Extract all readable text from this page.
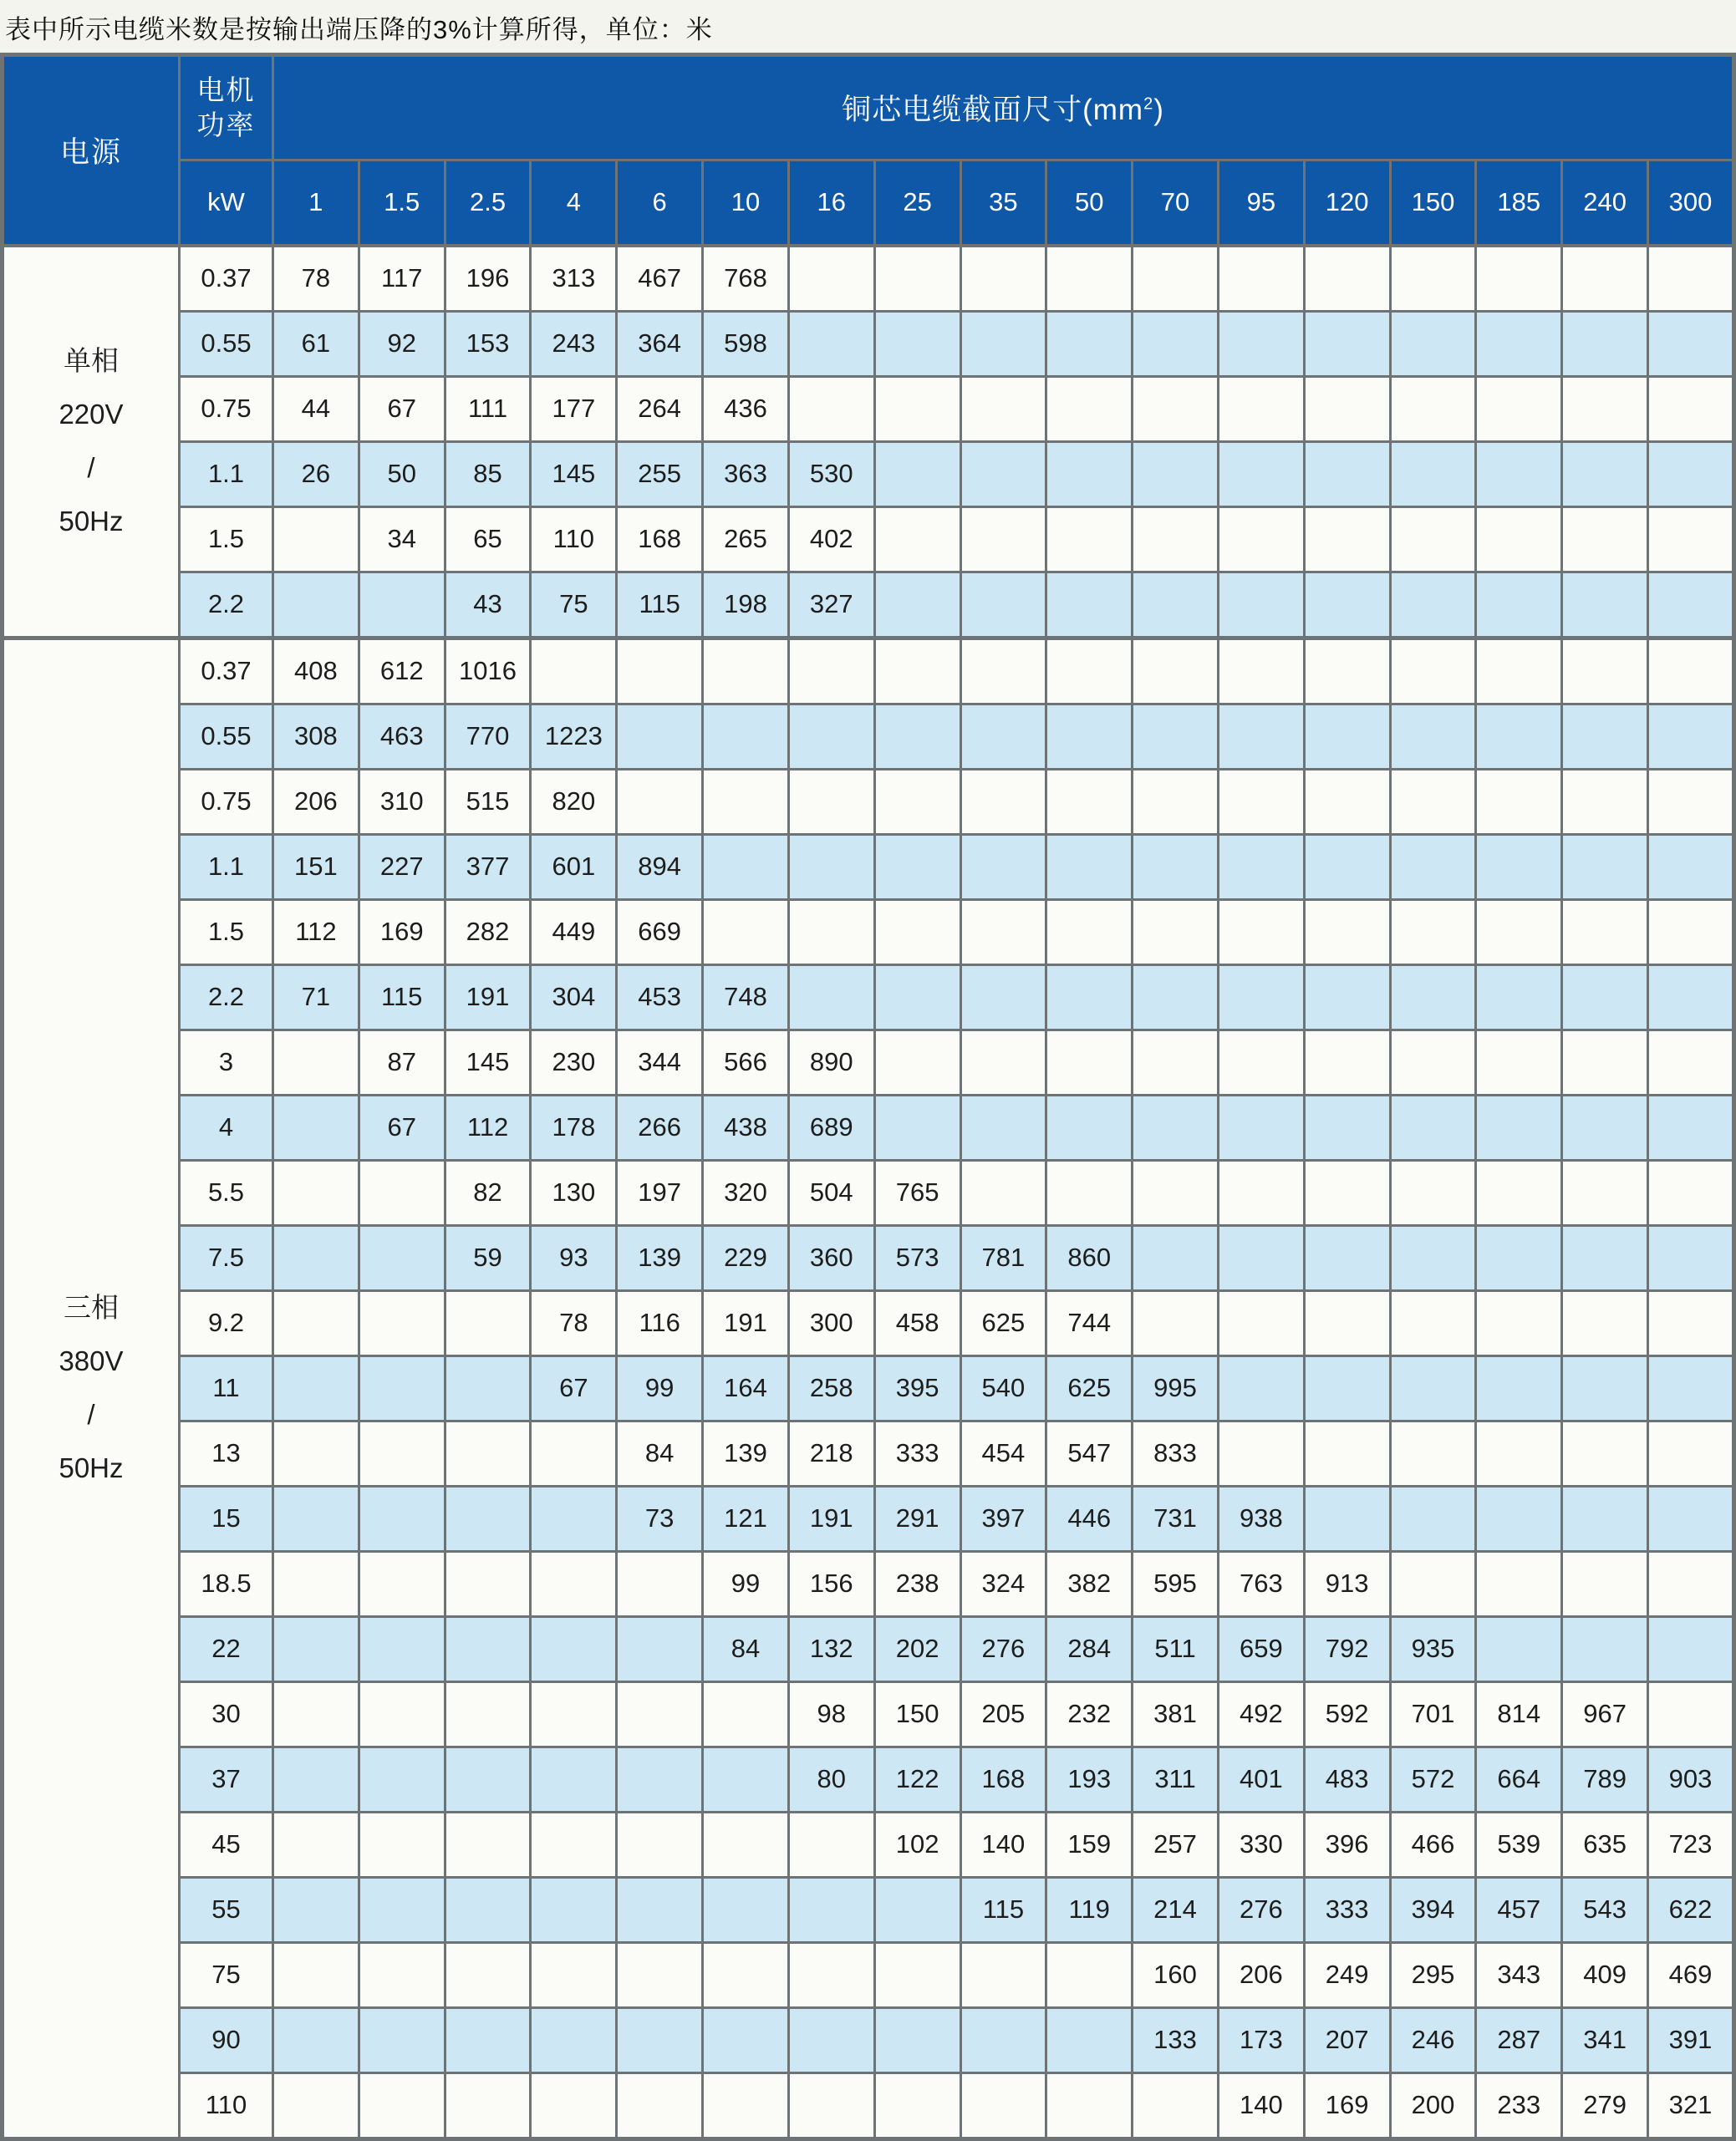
表中所示电缆米数是按输出端压降的3%计算所得，单位：米
电源	电机
功率	铜芯电缆截面尺寸$(mm^2)$																
	kW	1	1.5	2.5	4	6	10	16	25	35	50	70	95	120	150	185	240	300

单相
220V
/
50Hz	0.37	78	117	196	313	467	768											
	0.55	61	92	153	243	364	598											
	0.75	44	67	111	177	264	436											
	1.1	26	50	85	145	255	363	530										
	1.5		34	65	110	168	265	402										
	2.2			43	75	115	198	327										

三相
380V
/
50Hz	0.37	408	612	1016														
	0.55	308	463	770	1223													
	0.75	206	310	515	820													
	1.1	151	227	377	601	894												
	1.5	112	169	282	449	669												
	2.2	71	115	191	304	453	748											
	3		87	145	230	344	566	890										
	4		67	112	178	266	438	689										
	5.5			82	130	197	320	504	765									
	7.5			59	93	139	229	360	573	781	860							
	9.2				78	116	191	300	458	625	744							
	11				67	99	164	258	395	540	625	995						
	13					84	139	218	333	454	547	833						
	15					73	121	191	291	397	446	731	938					
	18.5						99	156	238	324	382	595	763	913				
	22						84	132	202	276	284	511	659	792	935			
	30							98	150	205	232	381	492	592	701	814	967	
	37							80	122	168	193	311	401	483	572	664	789	903
	45								102	140	159	257	330	396	466	539	635	723
	55									115	119	214	276	333	394	457	543	622
	75											160	206	249	295	343	409	469
	90											133	173	207	246	287	341	391
	110												140	169	200	233	279	321
